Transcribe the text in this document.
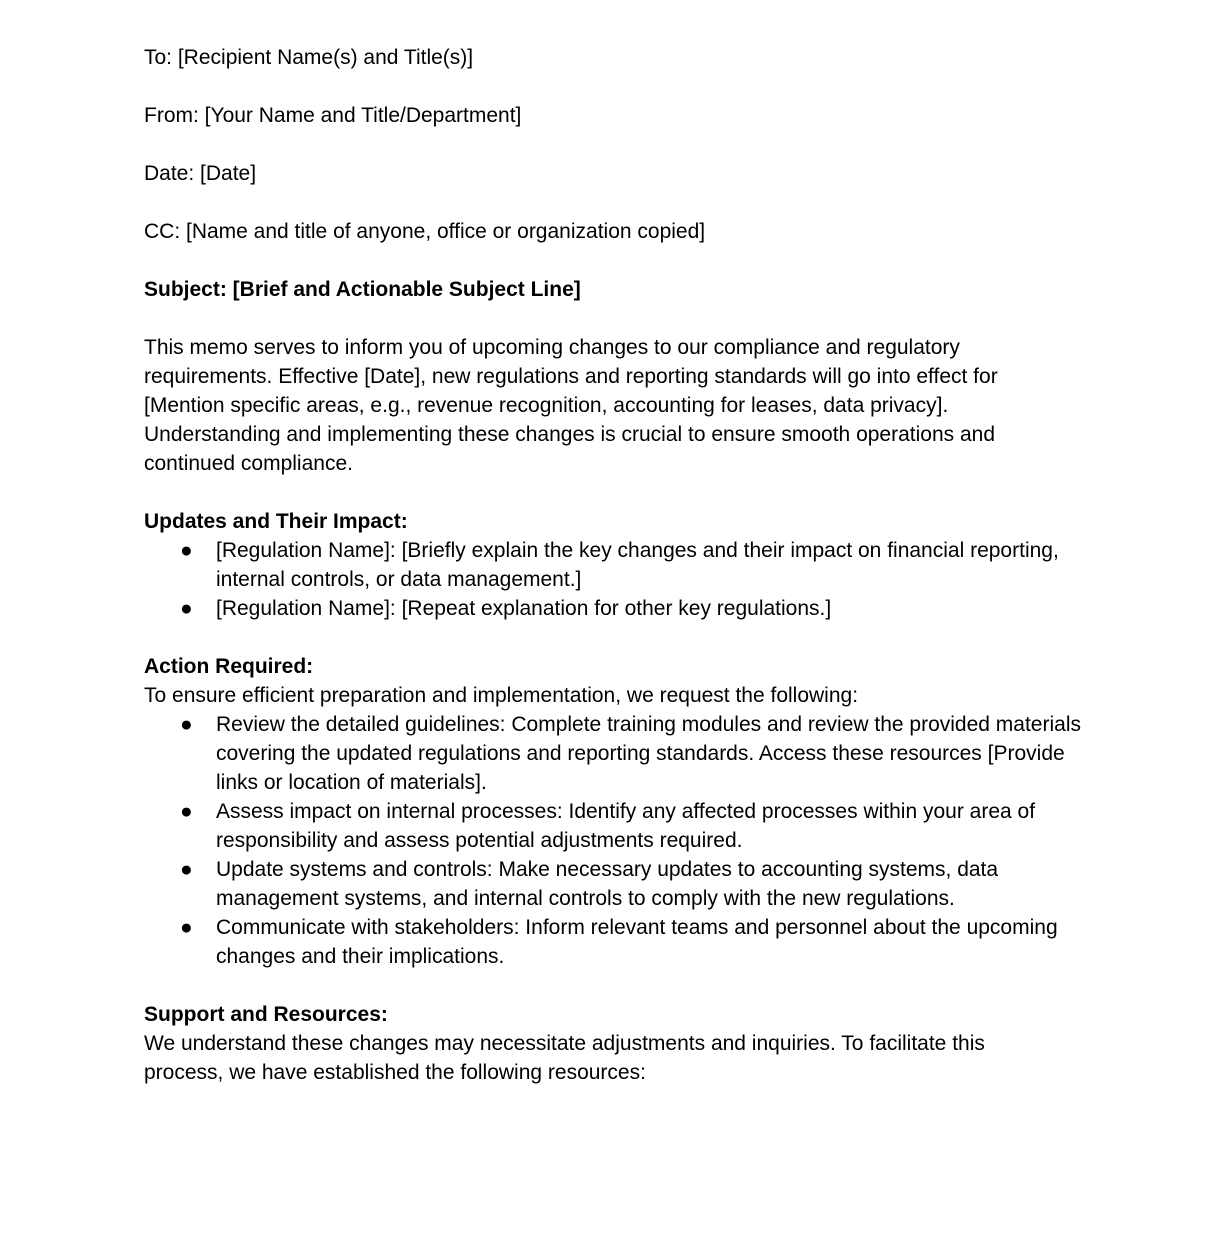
To: [Recipient Name(s) and Title(s)]

From: [Your Name and Title/Department]

Date: [Date]

CC: [Name and title of anyone, office or organization copied]

Subject: [Brief and Actionable Subject Line]

This memo serves to inform you of upcoming changes to our compliance and regulatory requirements. Effective [Date], new regulations and reporting standards will go into effect for [Mention specific areas, e.g., revenue recognition, accounting for leases, data privacy]. Understanding and implementing these changes is crucial to ensure smooth operations and continued compliance.

Updates and Their Impact:

● [Regulation Name]: [Briefly explain the key changes and their impact on financial reporting, internal controls, or data management.]
● [Regulation Name]: [Repeat explanation for other key regulations.]

Action Required:

To ensure efficient preparation and implementation, we request the following:

● Review the detailed guidelines: Complete training modules and review the provided materials covering the updated regulations and reporting standards. Access these resources [Provide links or location of materials].
● Assess impact on internal processes: Identify any affected processes within your area of responsibility and assess potential adjustments required.
● Update systems and controls: Make necessary updates to accounting systems, data management systems, and internal controls to comply with the new regulations.
● Communicate with stakeholders: Inform relevant teams and personnel about the upcoming changes and their implications.

Support and Resources:

We understand these changes may necessitate adjustments and inquiries. To facilitate this process, we have established the following resources:
